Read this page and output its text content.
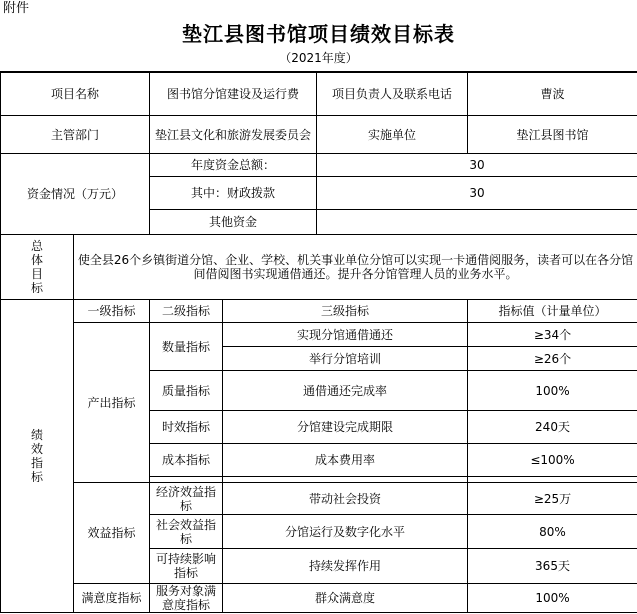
附件
垫江县图书馆项目绩效目标表
（2021年度）

项目名称		图书馆分馆建设及运行费		项目负责人及联系电话	曹波
主管部门		垫江县文化和旅游发展委员会		实施单位	垫江县图书馆
资金情况（万元）		年度资金总额：		30	
		其中：财政拨款		30	
		其他资金			

总体目标	使全县26个乡镇街道分馆、企业、学校、机关事业单位分馆可以实现一卡通借阅服务，读者可以在各分馆间借阅图书实现通借通还。提升各分馆管理人员的业务水平。				

绩效指标	一级指标	二级指标	三级指标		指标值（计量单位）
	产出指标	数量指标	实现分馆通借通还		≥34个
			举行分馆培训		≥26个
		质量指标	通借通还完成率		100%
		时效指标	分馆建设完成期限		240天
		成本指标	成本费用率		≤100%

	效益指标	经济效益指标	带动社会投资		≥25万
		社会效益指标	分馆运行及数字化水平		80%
		可持续影响指标	持续发挥作用		365天
	满意度指标	服务对象满意度指标	群众满意度		100%
